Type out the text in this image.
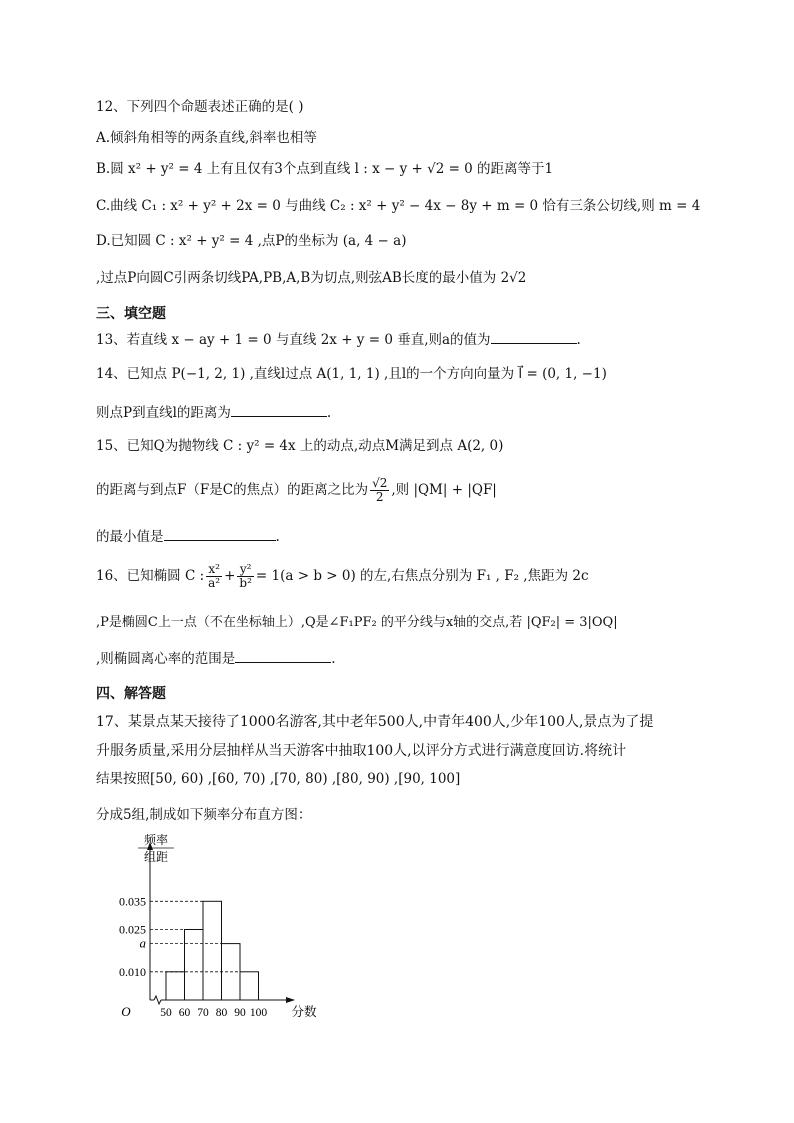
12、下列四个命题表述正确的是( )
A.倾斜角相等的两条直线,斜率也相等
B.圆 x² + y² = 4 上有且仅有3个点到直线 l : x − y + √2 = 0 的距离等于1
C.曲线 C₁ : x² + y² + 2x = 0 与曲线 C₂ : x² + y² − 4x − 8y + m = 0 恰有三条公切线,则 m = 4
D.已知圆 C : x² + y² = 4 ,点P的坐标为 (a, 4 − a)
,过点P向圆C引两条切线PA,PB,A,B为切点,则弦AB长度的最小值为 2√2
三、填空题
13、若直线 x − ay + 1 = 0 与直线 2x + y = 0 垂直,则a的值为	.
14、已知点 P(−1, 2, 1) ,直线l过点 A(1, 1, 1) ,且l的一个方向向量为 l⃗ = (0, 1, −1)
则点P到直线l的距离为	.
15、已知Q为抛物线 C : y² = 4x 上的动点,动点M满足到点 A(2, 0)
的距离与到点F（F是C的焦点）的距离之比为 $\frac{√2}{2}$ ,则 |QM| + |QF|
的最小值是	.
16、已知椭圆 C : $\frac{\text{x²}}{\text{a²}} + \frac{\text{y²}}{\text{b²}} = 1(a > b > 0)$ 的左,右焦点分别为 F₁ , F₂ ,焦距为 2c
,P是椭圆C上一点（不在坐标轴上）,Q是∠F₁PF₂ 的平分线与x轴的交点,若 |QF₂| = 3|OQ|
,则椭圆离心率的范围是	.
四、解答题
17、某景点某天接待了1000名游客,其中老年500人,中青年400人,少年100人,景点为了提
升服务质量,采用分层抽样从当天游客中抽取100人,以评分方式进行满意度回访.将统计
结果按照[50, 60) ,[60, 70) ,[70, 80) ,[80, 90) ,[90, 100]
分成5组,制成如下频率分布直方图：
频率
组距
0.010
a
0.025
0.035
50 60 70 80 90 100 分数
O
